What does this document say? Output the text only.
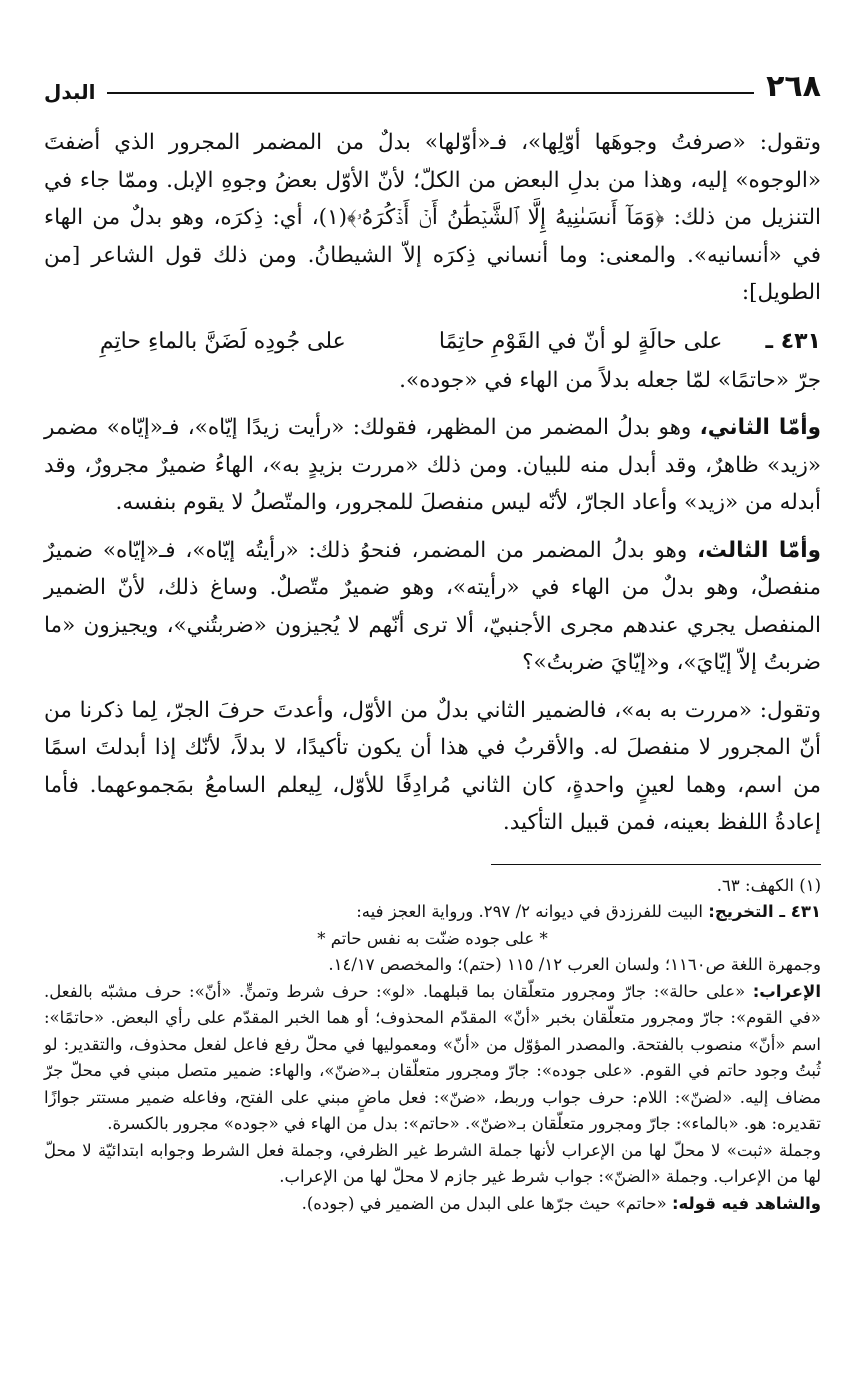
٢٦٨
البدل

وتقول: «صرفتُ وجوهَها أوّلِها»، فـ«أوّلها» بدلٌ من المضمر المجرور الذي أضفتَ «الوجوه» إليه، وهذا من بدلِ البعض من الكلّ؛ لأنّ الأوّل بعضُ وجوهِ الإبل. وممّا جاء في التنزيل من ذلك: ﴿وَمَآ أَنسَىٰنِيهُ إِلَّا ٱلشَّيۡطَٰنُ أَنۡ أَذۡكُرَهُۥ﴾(١)، أي: ذِكرَه، وهو بدلٌ من الهاء في «أنسانيه». والمعنى: وما أنساني ذِكرَه إلاّ الشيطانُ. ومن ذلك قول الشاعر [من الطويل]:

٤٣١ ـ
على حالَةٍ لو أنّ في القَوْمِ حاتِمًا
على جُودِه لَضَنَّ بالماءِ حاتِمِ

جرّ «حاتمًا» لمّا جعله بدلاً من الهاء في «جوده».

وأمّا الثاني، وهو بدلُ المضمر من المظهر، فقولك: «رأيت زيدًا إيّاه»، فـ«إيّاه» مضمر «زيد» ظاهرٌ، وقد أبدل منه للبيان. ومن ذلك «مررت بزيدٍ به»، الهاءُ ضميرٌ مجرورٌ، وقد أبدله من «زيد» وأعاد الجارّ، لأنّه ليس منفصلَ للمجرور، والمتّصلُ لا يقوم بنفسه.

وأمّا الثالث، وهو بدلُ المضمر من المضمر، فنحوُ ذلك: «رأيتُه إيّاه»، فـ«إيّاه» ضميرٌ منفصلٌ، وهو بدلٌ من الهاء في «رأيته»، وهو ضميرٌ متّصلٌ. وساغ ذلك، لأنّ الضمير المنفصل يجري عندهم مجرى الأجنبيّ، ألا ترى أنّهم لا يُجيزون «ضربتُني»، ويجيزون «ما ضربتُ إلاّ إيّايَ»، و«إيّايَ ضربتُ»؟

وتقول: «مررت به به»، فالضمير الثاني بدلٌ من الأوّل، وأعدتَ حرفَ الجرّ، لِما ذكرنا من أنّ المجرور لا منفصلَ له. والأقربُ في هذا أن يكون تأكيدًا، لا بدلاً، لأنّك إذا أبدلتَ اسمًا من اسم، وهما لعينٍ واحدةٍ، كان الثاني مُرادِفًا للأوّل، لِيعلم السامعُ بمَجموعهما. فأما إعادةُ اللفظ بعينه، فمن قبيل التأكيد.

(١) الكهف: ٦٣.

٤٣١ ـ التخريج: البيت للفرزدق في ديوانه ٢/ ٢٩٧. ورواية العجز فيه:

* على جوده ضنّت به نفس حاتم *

وجمهرة اللغة ص١١٦٠؛ ولسان العرب ١٢/ ١١٥ (حتم)؛ والمخصص ١٤/١٧.

الإعراب: «على حالة»: جارّ ومجرور متعلّقان بما قبلهما. «لو»: حرف شرط وتمنٍّ. «أنّ»: حرف مشبّه بالفعل. «في القوم»: جارّ ومجرور متعلّقان بخبر «أنّ» المقدّم المحذوف؛ أو هما الخبر المقدّم على رأي البعض. «حاتمًا»: اسم «أنّ» منصوب بالفتحة. والمصدر المؤوّل من «أنّ» ومعموليها في محلّ رفع فاعل لفعل محذوف، والتقدير: لو ثُبتُ وجود حاتم في القوم. «على جوده»: جارّ ومجرور متعلّقان بـ«ضنّ»، والهاء: ضمير متصل مبني في محلّ جرّ مضاف إليه. «لضنّ»: اللام: حرف جواب وربط، «ضنّ»: فعل ماضٍ مبني على الفتح، وفاعله ضمير مستتر جوازًا تقديره: هو. «بالماء»: جارّ ومجرور متعلّقان بـ«ضنّ». «حاتم»: بدل من الهاء في «جوده» مجرور بالكسرة.

وجملة «ثبت» لا محلّ لها من الإعراب لأنها جملة الشرط غير الظرفي، وجملة فعل الشرط وجوابه ابتدائيّة لا محلّ لها من الإعراب. وجملة «الضنّ»: جواب شرط غير جازم لا محلّ لها من الإعراب.

والشاهد فيه قوله: «حاتم» حيث جرّها على البدل من الضمير في (جوده).
